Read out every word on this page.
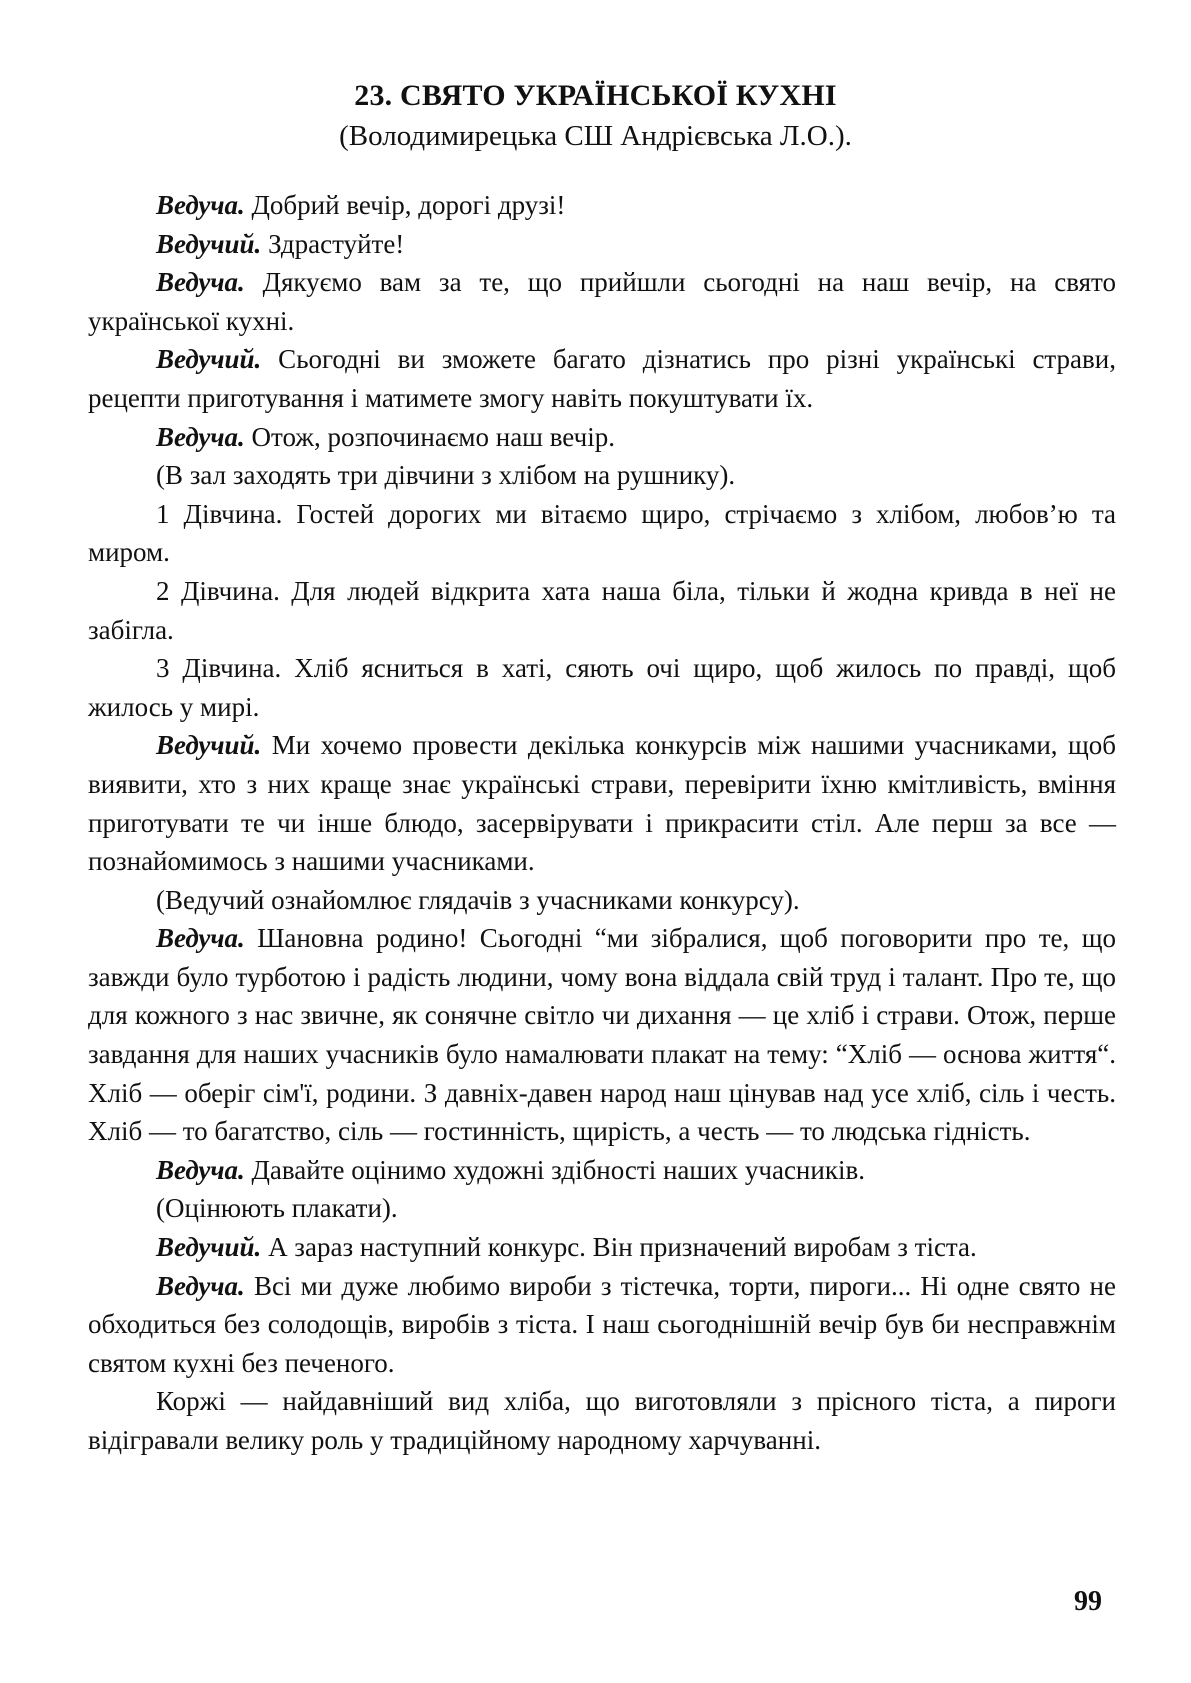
23. СВЯТО УКРАЇНСЬКОЇ КУХНІ
(Володимирецька СШ Андрієвська Л.О.).

Ведуча. Добрий вечір, дорогі друзі!

Ведучий. Здрастуйте!

Ведуча. Дякуємо вам за те, що прийшли сьогодні на наш вечір, на свято української кухні.

Ведучий. Сьогодні ви зможете багато дізнатись про різні українські страви, рецепти приготування і матимете змогу навіть покуштувати їх.

Ведуча. Отож, розпочинаємо наш вечір.

(В зал заходять три дівчини з хлібом на рушнику).

1 Дівчина. Гостей дорогих ми вітаємо щиро, стрічаємо з хлібом, любов’ю та миром.

2 Дівчина. Для людей відкрита хата наша біла, тільки й жодна кривда в неї не забігла.

3 Дівчина. Хліб ясниться в хаті, сяють очі щиро, щоб жилось по правді, щоб жилось у мирі.

Ведучий. Ми хочемо провести декілька конкурсів між нашими учасниками, щоб виявити, хто з них краще знає українські страви, перевірити їхню кмітливість, вміння приготувати те чи інше блюдо, засервірувати і прикрасити стіл. Але перш за все — познайомимось з нашими учасниками.

(Ведучий ознайомлює глядачів з учасниками конкурсу).

Ведуча. Шановна родино! Сьогодні “ми зібралися, щоб поговорити про те, що завжди було турботою і радість людини, чому вона віддала свій труд і талант. Про те, що для кожного з нас звичне, як сонячне світло чи дихання — це хліб і страви. Отож, перше завдання для наших учасників було намалювати плакат на тему: “Хліб — основа життя“. Хліб — оберіг сім'ї, родини. З давніх-давен народ наш цінував над усе хліб, сіль і честь. Хліб — то багатство, сіль — гостинність, щирість, а честь — то людська гідність.

Ведуча. Давайте оцінимо художні здібності наших учасників.

(Оцінюють плакати).

Ведучий. А зараз наступний конкурс. Він призначений виробам з тіста.

Ведуча. Всі ми дуже любимо вироби з тістечка, торти, пироги... Ні одне свято не обходиться без солодощів, виробів з тіста. І наш сьогоднішній вечір був би несправжнім святом кухні без печеного.

Коржі — найдавніший вид хліба, що виготовляли з прісного тіста, а пироги відігравали велику роль у традиційному народному харчуванні.

99
